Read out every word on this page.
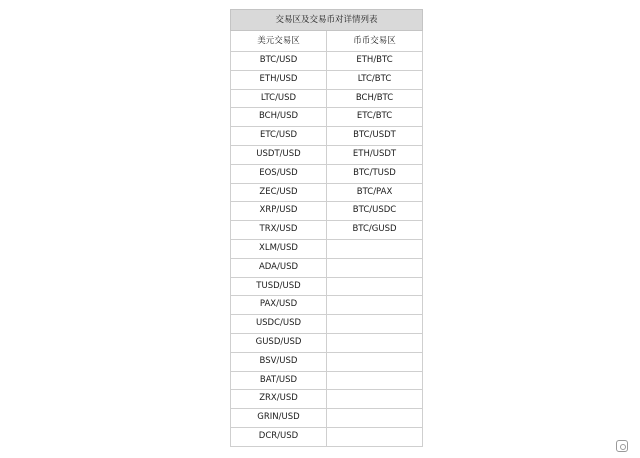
交易区及交易币对详情列表	
美元交易区	币币交易区
BTC/USD	ETH/BTC
ETH/USD	LTC/BTC
LTC/USD	BCH/BTC
BCH/USD	ETC/BTC
ETC/USD	BTC/USDT
USDT/USD	ETH/USDT
EOS/USD	BTC/TUSD
ZEC/USD	BTC/PAX
XRP/USD	BTC/USDC
TRX/USD	BTC/GUSD
XLM/USD	
ADA/USD	
TUSD/USD	
PAX/USD	
USDC/USD	
GUSD/USD	
BSV/USD	
BAT/USD	
ZRX/USD	
GRIN/USD	
DCR/USD	
